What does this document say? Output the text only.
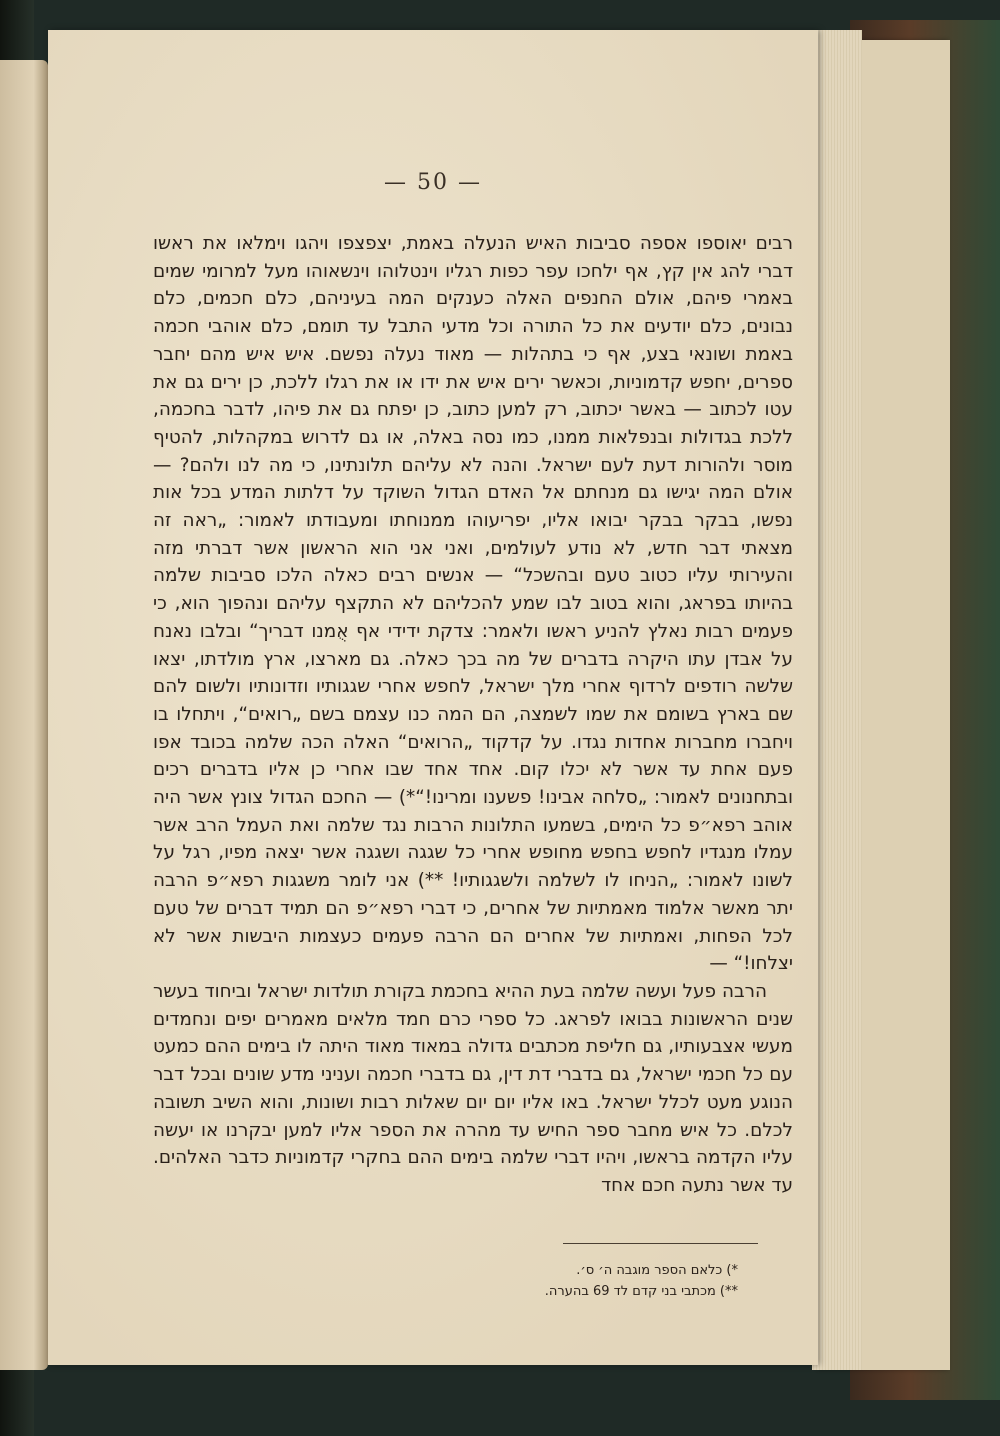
— 50 —

רבים יאוספו אספה סביבות האיש הנעלה באמת, יצפצפו ויהגו וימלאו את ראשו דברי להג אין קץ, אף ילחכו עפר כפות רגליו וינטלוהו וינשאוהו מעל למרומי שמים באמרי פיהם, אולם החנפים האלה כענקים המה בעיניהם, כלם חכמים, כלם נבונים, כלם יודעים את כל התורה וכל מדעי התבל עד תומם, כלם אוהבי חכמה באמת ושונאי בצע, אף כי בתהלות — מאוד נעלה נפשם. איש איש מהם יחבר ספרים, יחפש קדמוניות, וכאשר ירים איש את ידו או את רגלו ללכת, כן ירים גם את עטו לכתוב — באשר יכתוב, רק למען כתוב, כן יפתח גם את פיהו, לדבר בחכמה, ללכת בגדולות ובנפלאות ממנו, כמו נסה באלה, או גם לדרוש במקהלות, להטיף מוסר ולהורות דעת לעם ישראל. והנה לא עליהם תלונתינו, כי מה לנו ולהם? — אולם המה יגישו גם מנחתם אל האדם הגדול השוקד על דלתות המדע בכל אות נפשו, בבקר בבקר יבואו אליו, יפריעוהו ממנוחתו ומעבודתו לאמור: „ראה זה מצאתי דבר חדש, לא נודע לעולמים, ואני אני הוא הראשון אשר דברתי מזה והעירותי עליו כטוב טעם ובהשכל“ — אנשים רבים כאלה הלכו סביבות שלמה בהיותו בפראג, והוא בטוב לבו שמע להכליהם לא התקצף עליהם ונהפוך הוא, כי פעמים רבות נאלץ להניע ראשו ולאמר: צדקת ידידי אף אֻמנו דבריך“ ובלבו נאנח על אבדן עתו היקרה בדברים של מה בכך כאלה. גם מארצו, ארץ מולדתו, יצאו שלשה רודפים לרדוף אחרי מלך ישראל, לחפש אחרי שגגותיו וזדונותיו ולשום להם שם בארץ בשומם את שמו לשמצה, הם המה כנו עצמם בשם „רואים“, ויתחלו בו ויחברו מחברות אחדות נגדו. על קדקוד „הרואים“ האלה הכה שלמה בכובד אפו פעם אחת עד אשר לא יכלו קום. אחד אחד שבו אחרי כן אליו בדברים רכים ובתחנונים לאמור: „סלחה אבינו! פשענו ומרינו!“*) — החכם הגדול צונץ אשר היה אוהב רפא״פ כל הימים, בשמעו התלונות הרבות נגד שלמה ואת העמל הרב אשר עמלו מנגדיו לחפש בחפש מחופש אחרי כל שגגה ושגגה אשר יצאה מפיו, רגל על לשונו לאמור: „הניחו לו לשלמה ולשגגותיו! **) אני לומר משגגות רפא״פ הרבה יתר מאשר אלמוד מאמתיות של אחרים, כי דברי רפא״פ הם תמיד דברים של טעם לכל הפחות, ואמתיות של אחרים הם הרבה פעמים כעצמות היבשות אשר לא יצלחו!“ —

הרבה פעל ועשה שלמה בעת ההיא בחכמת בקורת תולדות ישראל וביחוד בעשר שנים הראשונות בבואו לפראג. כל ספרי כרם חמד מלאים מאמרים יפים ונחמדים מעשי אצבעותיו, גם חליפת מכתבים גדולה במאוד מאוד היתה לו בימים ההם כמעט עם כל חכמי ישראל, גם בדברי דת דין, גם בדברי חכמה ועניני מדע שונים ובכל דבר הנוגע מעט לכלל ישראל. באו אליו יום יום שאלות רבות ושונות, והוא השיב תשובה לכלם. כל איש מחבר ספר החיש עד מהרה את הספר אליו למען יבקרנו או יעשה עליו הקדמה בראשו, ויהיו דברי שלמה בימים ההם בחקרי קדמוניות כדבר האלהים. עד אשר נתעה חכם אחד

*) כלאם הספר מוגבה ה׳ ס׳.
**) מכתבי בני קדם לד 69 בהערה.
